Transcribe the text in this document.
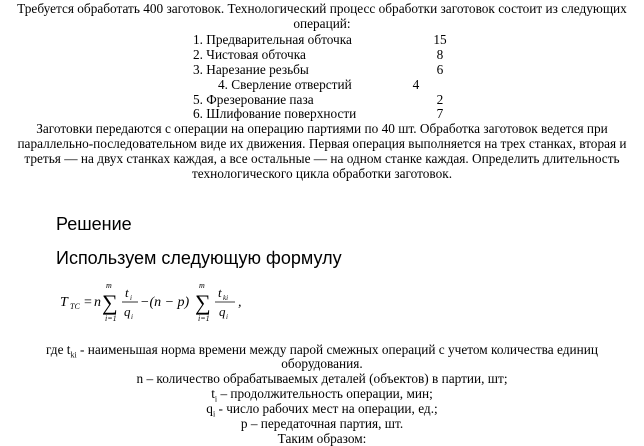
Требуется обработать 400 заготовок. Технологический процесс обработки заготовок состоит из следующих
операций:
1. Предварительная обточка	15
2. Чистовая обточка	8
3. Нарезание резьбы	6
4. Сверление отверстий	4
5. Фрезерование паза	2
6. Шлифование поверхности	7
Заготовки передаются с операции на операцию партиями по 40 шт. Обработка заготовок ведется при
параллельно-последовательном виде их движения. Первая операция выполняется на трех станках, вторая и
третья — на двух станках каждая, а все остальные — на одном станке каждая. Определить длительность
технологического цикла обработки заготовок.
Решение
Используем следующую формулу
T TC = n
m
∑
i=1
t i
q i
−(n − p)
m
∑
i=1
t ki
q i
,
где $t_{ki}$ - наименьшая норма времени между парой смежных операций с учетом количества единиц
оборудования.
n – количество обрабатываемых деталей (объектов) в партии, шт;
$t_i$ – продолжительность операции, мин;
$q_i$ - число рабочих мест на операции, ед.;
р – передаточная партия, шт.
Таким образом:
